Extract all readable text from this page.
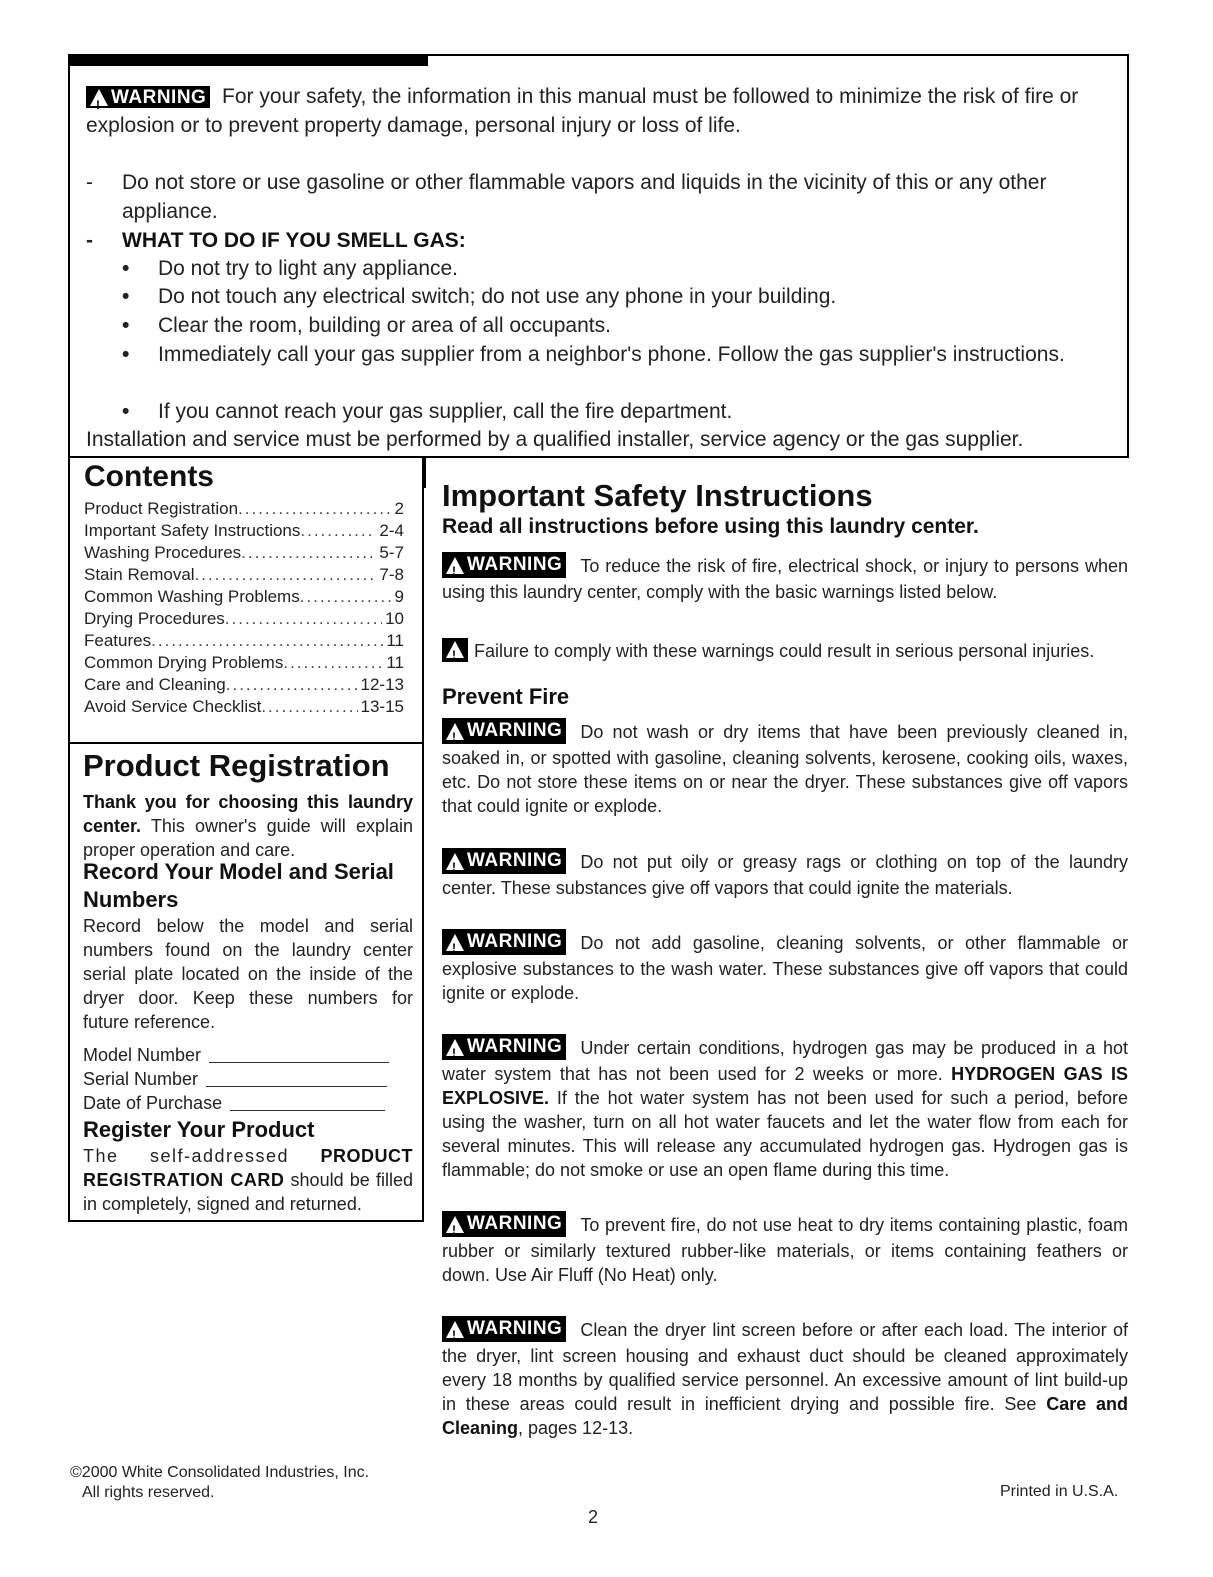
!
WARNING For your safety, the information in this manual must be followed to minimize the risk of fire or explosion or to prevent property damage, personal injury or loss of life.

- Do not store or use gasoline or other flammable vapors and liquids in the vicinity of this or any other appliance.
- WHAT TO DO IF YOU SMELL GAS:
• Do not try to light any appliance.
• Do not touch any electrical switch; do not use any phone in your building.
• Clear the room, building or area of all occupants.
• Immediately call your gas supplier from a neighbor's phone. Follow the gas supplier's instructions.
• If you cannot reach your gas supplier, call the fire department.

Installation and service must be performed by a qualified installer, service agency or the gas supplier.

Contents
Product Registration .....	2
Important Safety Instructions .....	2-4
Washing Procedures .....	5-7
Stain Removal .....	7-8
Common Washing Problems .....	9
Drying Procedures .....	10
Features .....	11
Common Drying Problems .....	11
Care and Cleaning .....	12-13
Avoid Service Checklist .....	13-15
Product Registration
Thank you for choosing this laundry center. This owner's guide will explain proper operation and care.
Record Your Model and Serial Numbers
Record below the model and serial numbers found on the laundry center serial plate located on the inside of the dryer door. Keep these numbers for future reference.
Model Number
Serial Number
Date of Purchase
Register Your Product
The self-addressed PRODUCT REGISTRATION CARD should be filled in completely, signed and returned.
Important Safety Instructions
Read all instructions before using this laundry center.

!
WARNING To reduce the risk of fire, electrical shock, or injury to persons when using this laundry center, comply with the basic warnings listed below.

!
Failure to comply with these warnings could result in serious personal injuries.

Prevent Fire

!
WARNING Do not wash or dry items that have been previously cleaned in, soaked in, or spotted with gasoline, cleaning solvents, kerosene, cooking oils, waxes, etc. Do not store these items on or near the dryer. These substances give off vapors that could ignite or explode.

!
WARNING Do not put oily or greasy rags or clothing on top of the laundry center. These substances give off vapors that could ignite the materials.

!
WARNING Do not add gasoline, cleaning solvents, or other flammable or explosive substances to the wash water. These substances give off vapors that could ignite or explode.

!
WARNING Under certain conditions, hydrogen gas may be produced in a hot water system that has not been used for 2 weeks or more. HYDROGEN GAS IS EXPLOSIVE. If the hot water system has not been used for such a period, before using the washer, turn on all hot water faucets and let the water flow from each for several minutes. This will release any accumulated hydrogen gas. Hydrogen gas is flammable; do not smoke or use an open flame during this time.

!
WARNING To prevent fire, do not use heat to dry items containing plastic, foam rubber or similarly textured rubber-like materials, or items containing feathers or down. Use Air Fluff (No Heat) only.

!
WARNING Clean the dryer lint screen before or after each load. The interior of the dryer, lint screen housing and exhaust duct should be cleaned approximately every 18 months by qualified service personnel. An excessive amount of lint build-up in these areas could result in inefficient drying and possible fire. See Care and Cleaning, pages 12-13.

©2000 White Consolidated Industries, Inc.
All rights reserved.	Printed in U.S.A.
2
